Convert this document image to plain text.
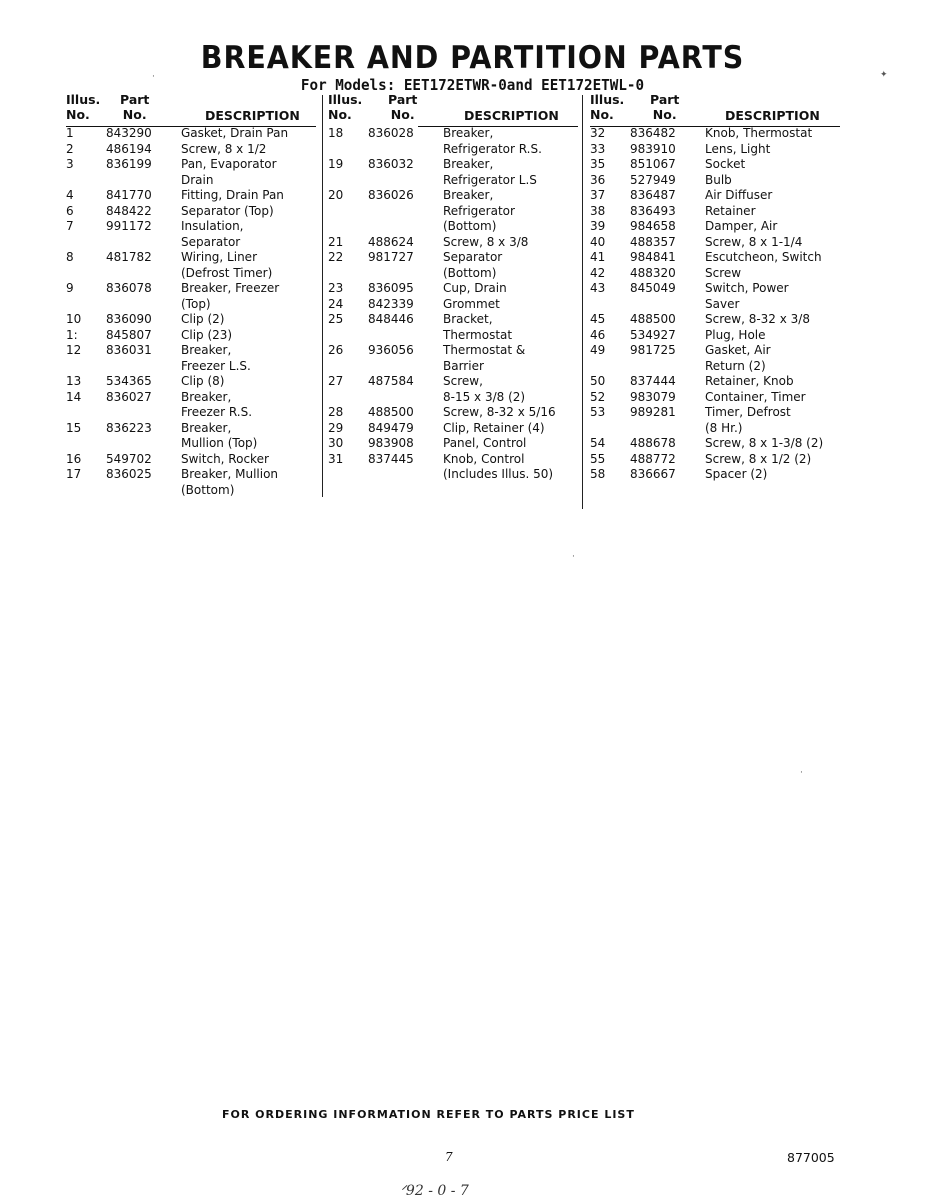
BREAKER AND PARTITION PARTS
For Models: EET172ETWR-0and EET172ETWL-0
Illus.
No.
Part
No.	DESCRIPTION
1	843290	Gasket, Drain Pan
2	486194	Screw, 8 x 1/2
3	836199	Pan, Evaporator
Drain
4	841770	Fitting, Drain Pan
6	848422	Separator (Top)
7	991172	Insulation,
Separator
8	481782	Wiring, Liner
(Defrost Timer)
9	836078	Breaker, Freezer
(Top)
10	836090	Clip (2)
1:	845807	Clip (23)
12	836031	Breaker,
Freezer L.S.
13	534365	Clip (8)
14	836027	Breaker,
Freezer R.S.
15	836223	Breaker,
Mullion (Top)
16	549702	Switch, Rocker
17	836025	Breaker, Mullion
(Bottom)
Illus.
No.
Part
No.	DESCRIPTION
18	836028	Breaker,
Refrigerator R.S.
19	836032	Breaker,
Refrigerator L.S
20	836026	Breaker,
Refrigerator
(Bottom)
21	488624	Screw, 8 x 3/8
22	981727	Separator
(Bottom)
23	836095	Cup, Drain
24	842339	Grommet
25	848446	Bracket,
Thermostat
26	936056	Thermostat &
Barrier
27	487584	Screw,
8-15 x 3/8 (2)
28	488500	Screw, 8-32 x 5/16
29	849479	Clip, Retainer (4)
30	983908	Panel, Control
31	837445	Knob, Control
(Includes Illus. 50)
Illus.
No.
Part
No.	DESCRIPTION
32	836482	Knob, Thermostat
33	983910	Lens, Light
35	851067	Socket
36	527949	Bulb
37	836487	Air Diffuser
38	836493	Retainer
39	984658	Damper, Air
40	488357	Screw, 8 x 1-1/4
41	984841	Escutcheon, Switch
42	488320	Screw
43	845049	Switch, Power
Saver
45	488500	Screw, 8-32 x 3/8
46	534927	Plug, Hole
49	981725	Gasket, Air
Return (2)
50	837444	Retainer, Knob
52	983079	Container, Timer
53	989281	Timer, Defrost
(8 Hr.)
54	488678	Screw, 8 x 1-3/8 (2)
55	488772	Screw, 8 x 1/2 (2)
58	836667	Spacer (2)
·	✦
·
·
FOR ORDERING INFORMATION REFER TO PARTS PRICE LIST
7	877005
ᐟ92 - 0 - 7
